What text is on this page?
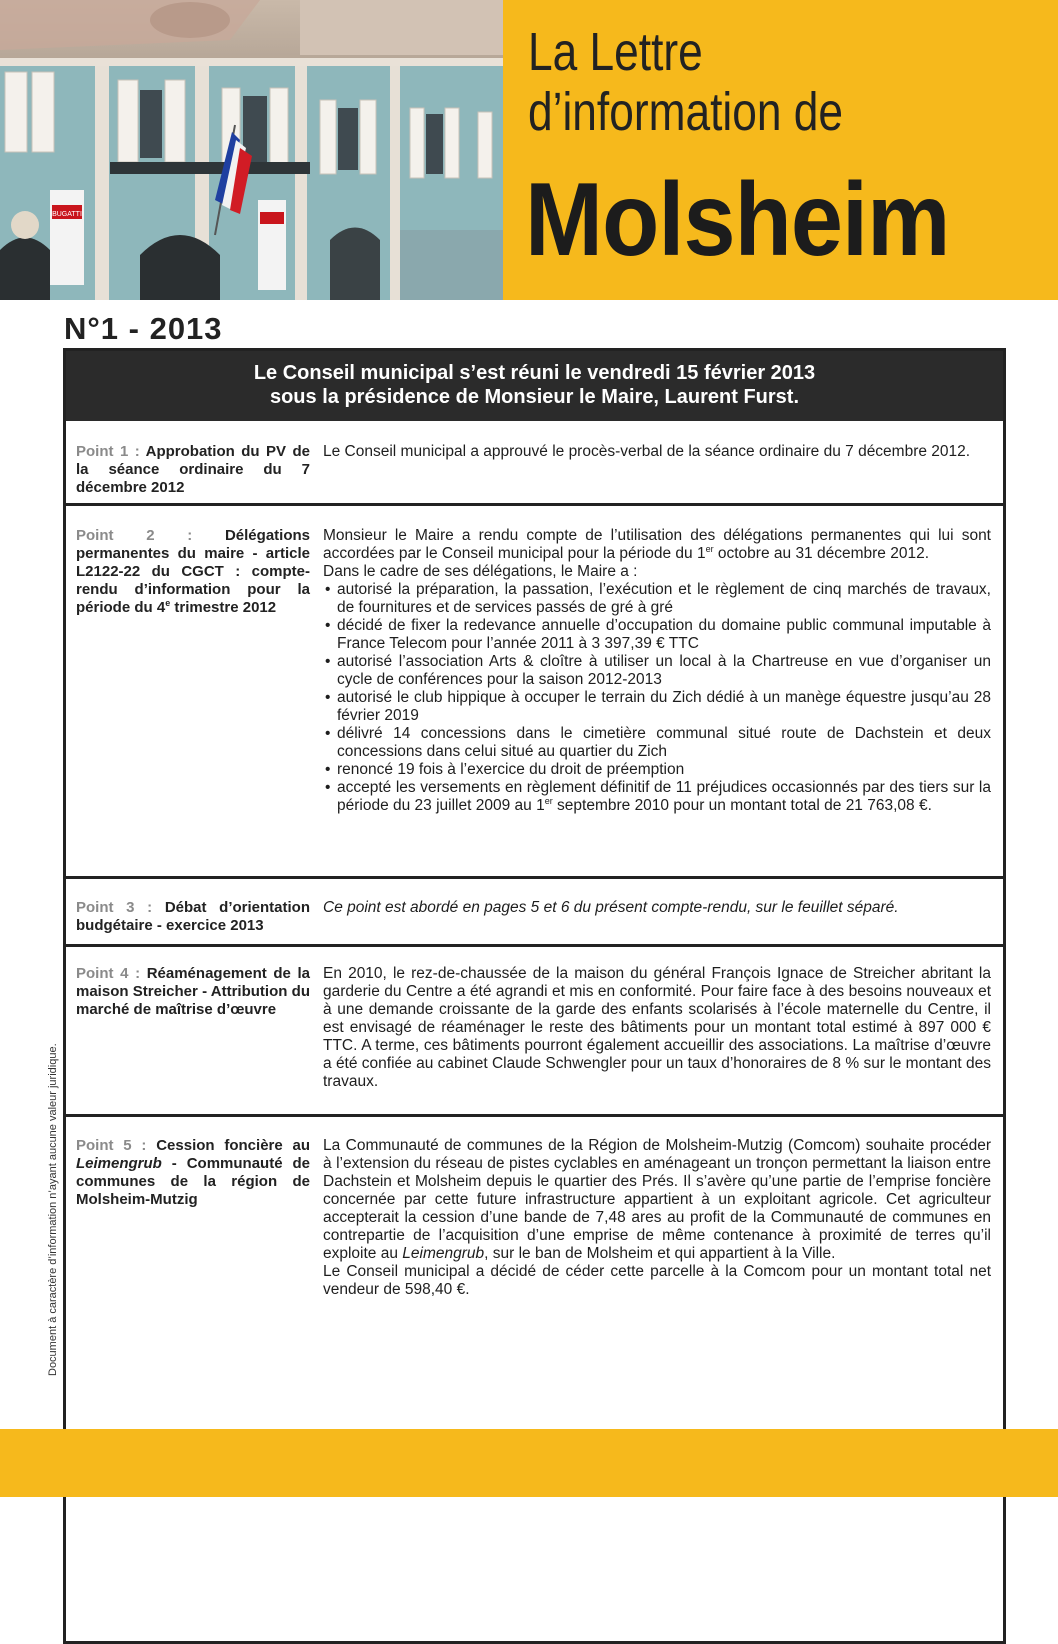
BUGATTI
La Lettre
d’information de
Molsheim
N°1 - 2013
Le Conseil municipal s’est réuni le vendredi 15 février 2013
sous la présidence de Monsieur le Maire, Laurent Furst.
Point 1 : Approbation du PV de la séance ordinaire du 7 décembre 2012

Le Conseil municipal a approuvé le procès-verbal de la séance ordinaire du 7 décembre 2012.

Point 2 : Délégations permanentes du maire - article L2122-22 du CGCT : compte-rendu d’information pour la période du 4e trimestre 2012

Monsieur le Maire a rendu compte de l’utilisation des délégations permanentes qui lui sont accordées par le Conseil municipal pour la période du 1er octobre au 31 décembre 2012.

Dans le cadre de ses délégations, le Maire a :

• autorisé la préparation, la passation, l’exécution et le règlement de cinq marchés de travaux, de fournitures et de services passés de gré à gré
• décidé de fixer la redevance annuelle d’occupation du domaine public communal imputable à France Telecom pour l’année 2011 à 3 397,39 € TTC
• autorisé l’association Arts & cloître à utiliser un local à la Chartreuse en vue d’organiser un cycle de conférences pour la saison 2012-2013
• autorisé le club hippique à occuper le terrain du Zich dédié à un manège équestre jusqu’au 28 février 2019
• délivré 14 concessions dans le cimetière communal situé route de Dachstein et deux concessions dans celui situé au quartier du Zich
• renoncé 19 fois à l’exercice du droit de préemption
• accepté les versements en règlement définitif de 11 préjudices occasionnés par des tiers sur la période du 23 juillet 2009 au 1er septembre 2010 pour un montant total de 21 763,08 €.
Point 3 : Débat d’orientation budgétaire - exercice 2013

Ce point est abordé en pages 5 et 6 du présent compte-rendu, sur le feuillet séparé.

Point 4 : Réaménagement de la maison Streicher - Attribution du marché de maîtrise d’œuvre

En 2010, le rez-de-chaussée de la maison du général François Ignace de Streicher abritant la garderie du Centre a été agrandi et mis en conformité. Pour faire face à des besoins nouveaux et à une demande croissante de la garde des enfants scolarisés à l’école maternelle du Centre, il est envisagé de réaménager le reste des bâtiments pour un montant total estimé à 897 000 € TTC. A terme, ces bâtiments pourront également accueillir des associations. La maîtrise d’œuvre a été confiée au cabinet Claude Schwengler pour un taux d’honoraires de 8 % sur le montant des travaux.

Point 5 : Cession foncière au Leimengrub - Communauté de communes de la région de Molsheim-Mutzig

La Communauté de communes de la Région de Molsheim-Mutzig (Comcom) souhaite procéder à l’extension du réseau de pistes cyclables en aménageant un tronçon permettant la liaison entre Dachstein et Molsheim depuis le quartier des Prés. Il s’avère qu’une partie de l’emprise foncière concernée par cette future infrastructure appartient à un exploitant agricole. Cet agriculteur accepterait la cession d’une bande de 7,48 ares au profit de la Communauté de communes en contrepartie de l’acquisition d’une emprise de même contenance à proximité de terres qu’il exploite au Leimengrub, sur le ban de Molsheim et qui appartient à la Ville.

Le Conseil municipal a décidé de céder cette parcelle à la Comcom pour un montant total net vendeur de 598,40 €.

Document à caractère d’information n’ayant aucune valeur juridique.
